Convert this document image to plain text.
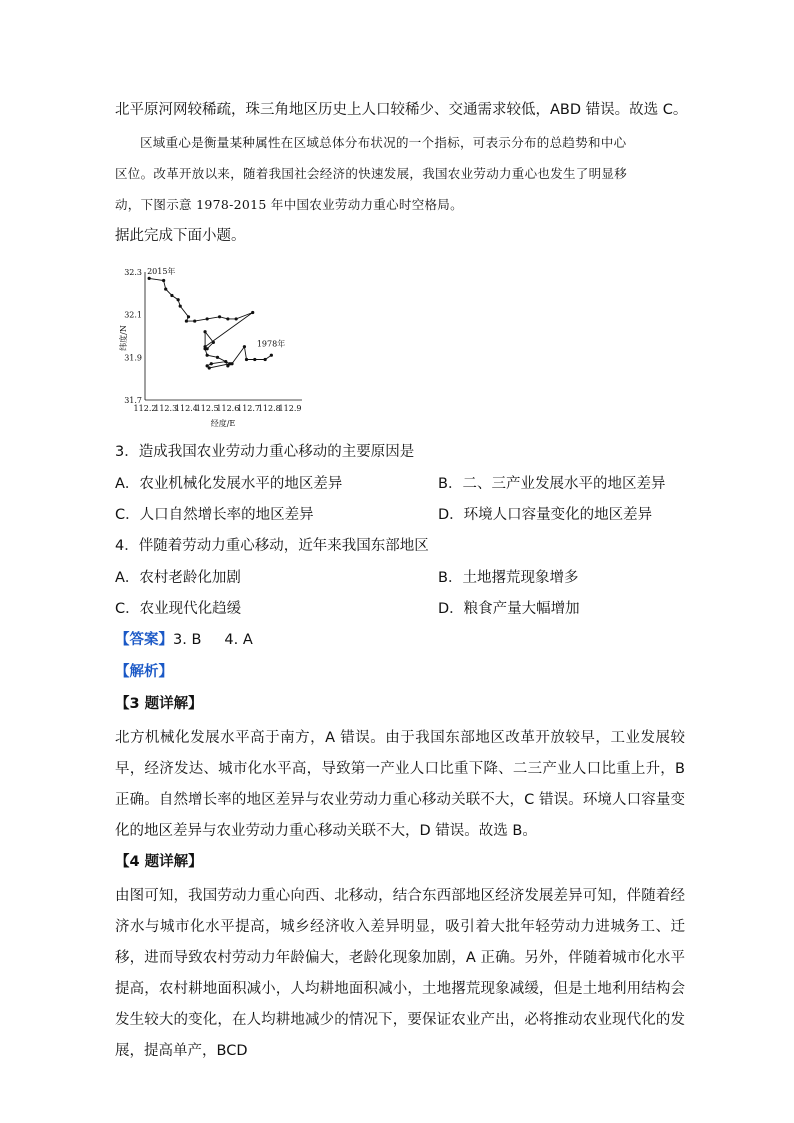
北平原河网较稀疏，珠三角地区历史上人口较稀少、交通需求较低，ABD 错误。故选 C。

区域重心是衡量某种属性在区域总体分布状况的一个指标，可表示分布的总趋势和中心

区位。改革开放以来，随着我国社会经济的快速发展，我国农业劳动力重心也发生了明显移

动，下图示意 1978-2015 年中国农业劳动力重心时空格局。

据此完成下面小题。

纬度/N
经度/E
112.2
112.3
112.4
112.5
112.6
112.7
112.8
112.9
32.3
32.1
31.9
31.7
2015年
1978年

3．造成我国农业劳动力重心移动的主要原因是

A．农业机械化发展水平的地区差异	B．二、三产业发展水平的地区差异

C．人口自然增长率的地区差异	D．环境人口容量变化的地区差异

4．伴随着劳动力重心移动，近年来我国东部地区

A．农村老龄化加剧	B．土地撂荒现象增多

C．农业现代化趋缓	D．粮食产量大幅增加

【答案】3. B     4. A

【解析】

【3 题详解】

北方机械化发展水平高于南方，A 错误。由于我国东部地区改革开放较早，工业发展较早，经济发达、城市化水平高，导致第一产业人口比重下降、二三产业人口比重上升，B 正确。自然增长率的地区差异与农业劳动力重心移动关联不大，C 错误。环境人口容量变化的地区差异与农业劳动力重心移动关联不大，D 错误。故选 B。

【4 题详解】

由图可知，我国劳动力重心向西、北移动，结合东西部地区经济发展差异可知，伴随着经济水与城市化水平提高，城乡经济收入差异明显，吸引着大批年轻劳动力进城务工、迁移，进而导致农村劳动力年龄偏大，老龄化现象加剧，A 正确。另外，伴随着城市化水平提高，农村耕地面积减小，人均耕地面积减小，土地撂荒现象减缓，但是土地利用结构会发生较大的变化，在人均耕地减少的情况下，要保证农业产出，必将推动农业现代化的发展，提高单产，BCD
